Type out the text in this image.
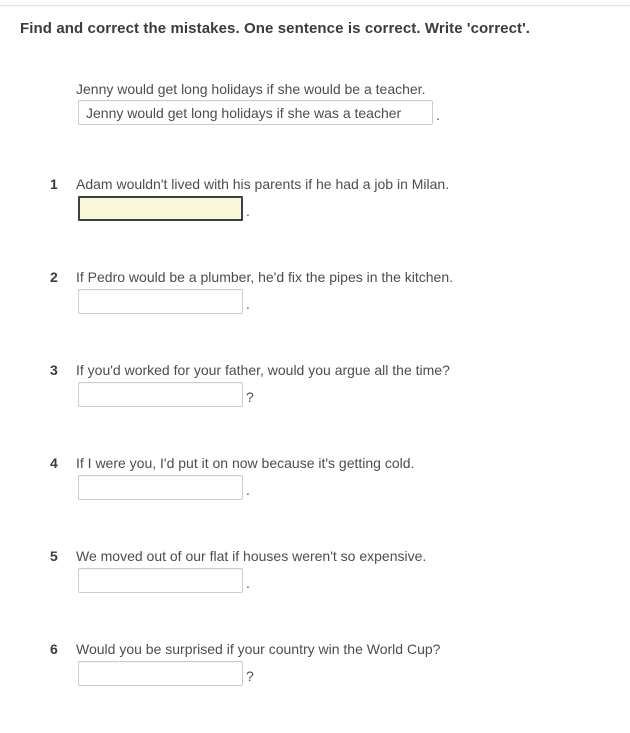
Find and correct the mistakes. One sentence is correct. Write 'correct'.
Jenny would get long holidays if she would be a teacher.
Jenny would get long holidays if she was a teacher
.
1	Adam wouldn't lived with his parents if he had a job in Milan.
.
2	If Pedro would be a plumber, he'd fix the pipes in the kitchen.
.
3	If you'd worked for your father, would you argue all the time?
?
4	If I were you, I'd put it on now because it's getting cold.
.
5	We moved out of our flat if houses weren't so expensive.
.
6	Would you be surprised if your country win the World Cup?
?
